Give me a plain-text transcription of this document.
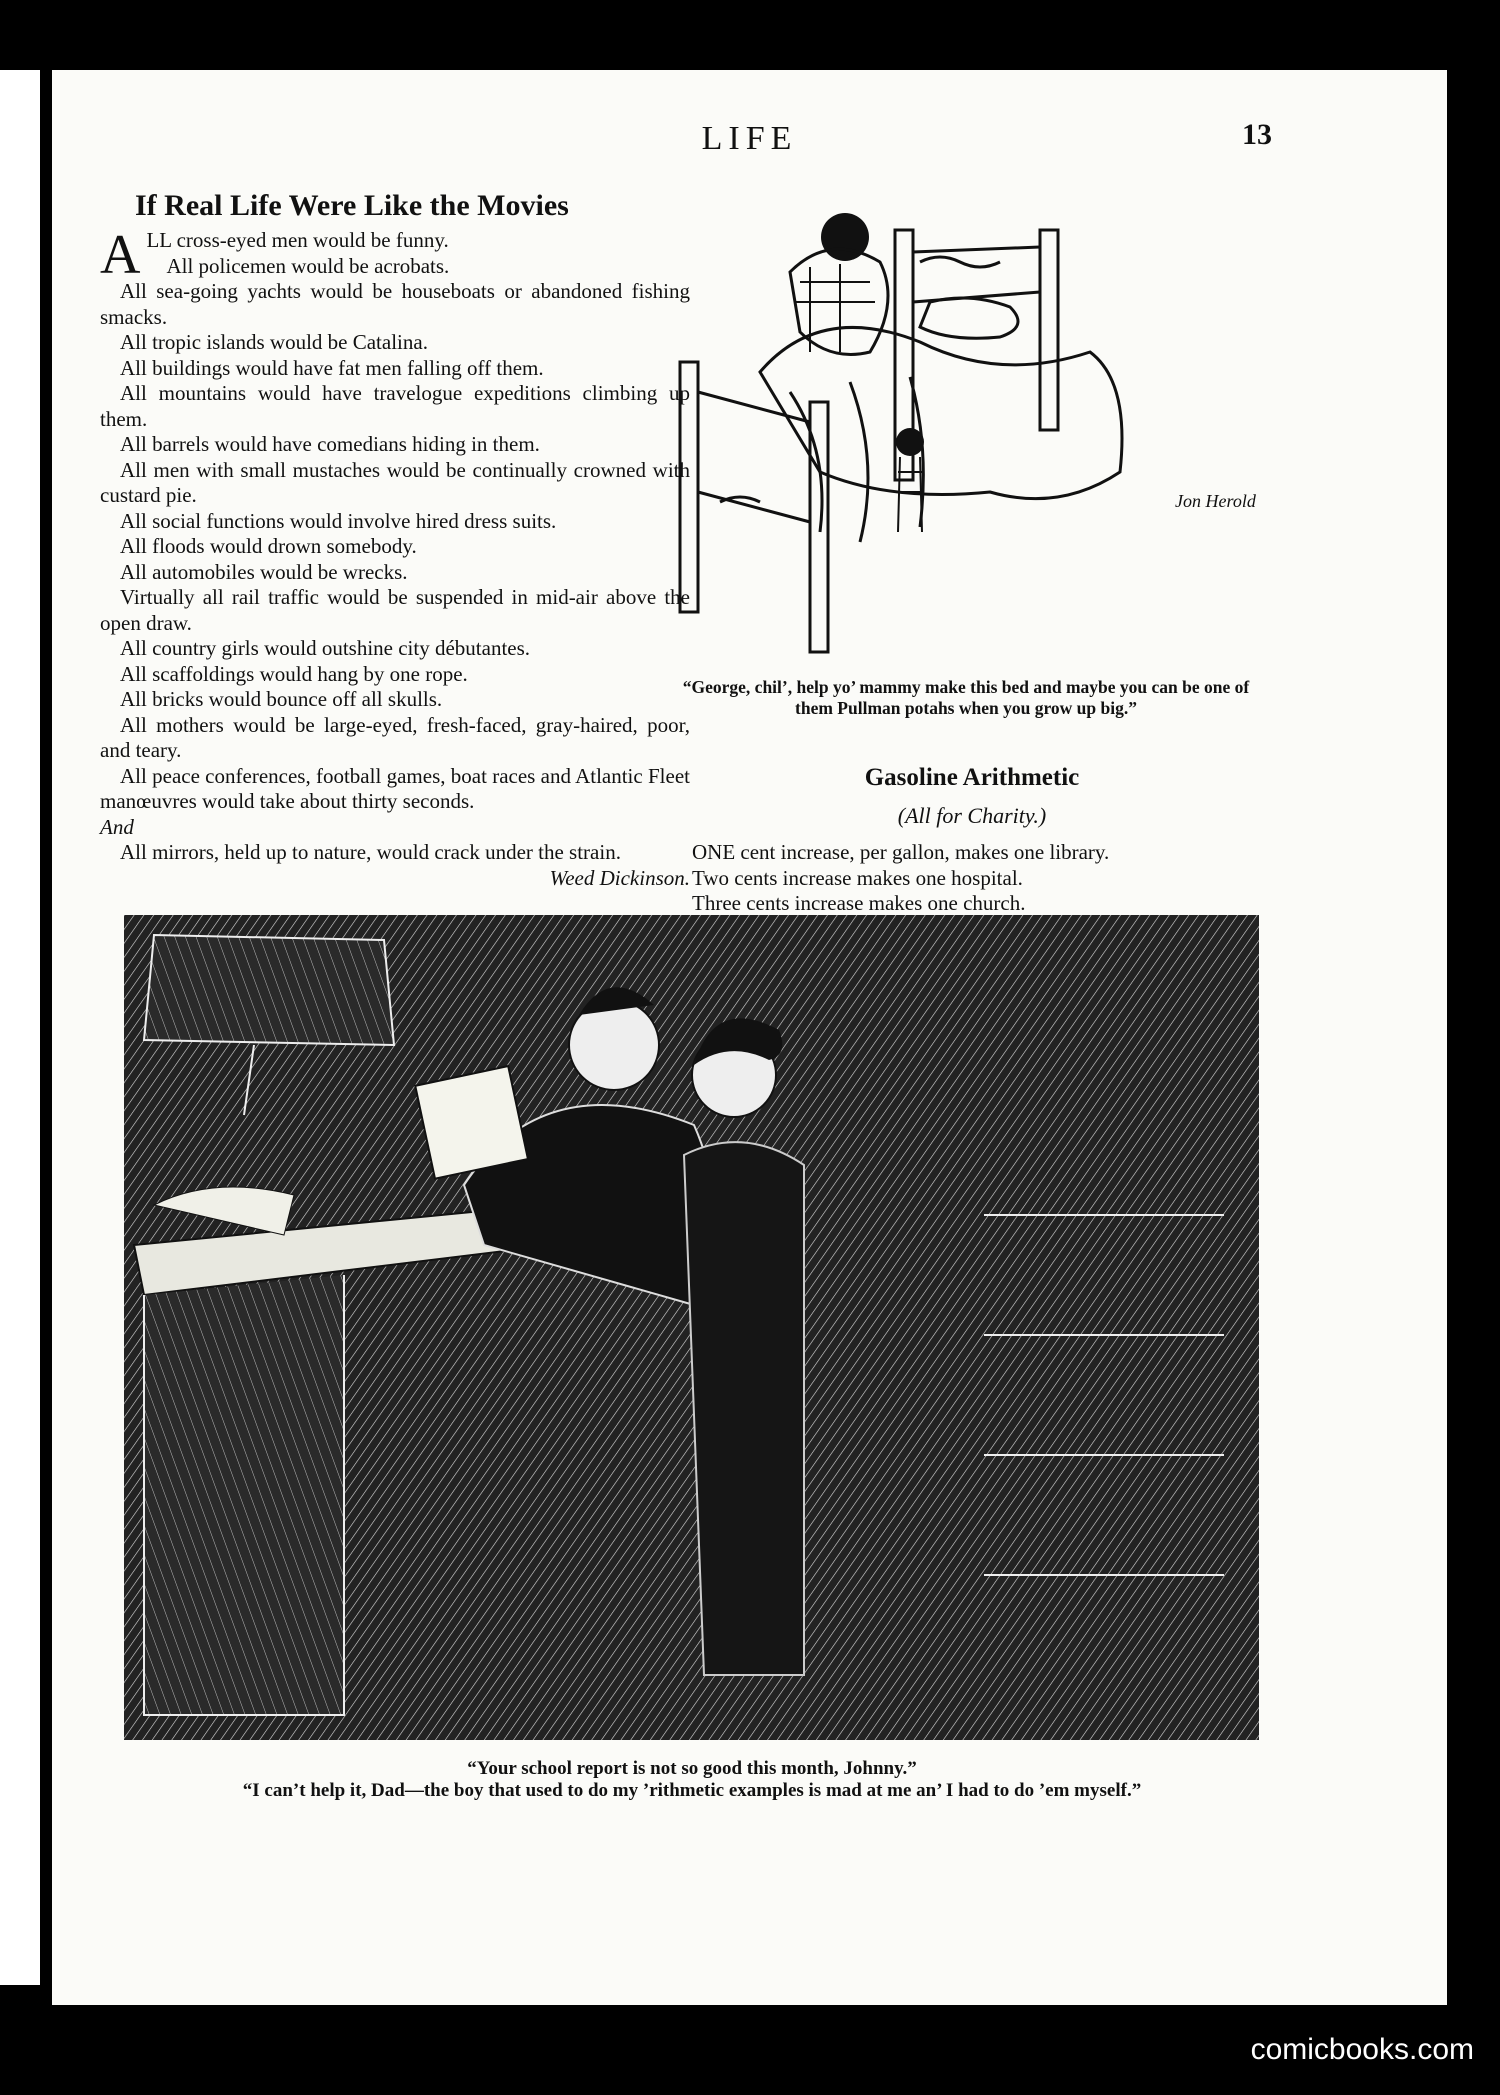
LIFE	13
If Real Life Were Like the Movies

ALL cross-eyed men would be funny.

All policemen would be acrobats.

All sea-going yachts would be houseboats or abandoned fishing smacks.

All tropic islands would be Catalina.

All buildings would have fat men falling off them.

All mountains would have travelogue expeditions climbing up them.

All barrels would have comedians hiding in them.

All men with small mustaches would be continually crowned with custard pie.

All social functions would involve hired dress suits.

All floods would drown somebody.

All automobiles would be wrecks.

Virtually all rail traffic would be suspended in mid-air above the open draw.

All country girls would outshine city débutantes.

All scaffoldings would hang by one rope.

All bricks would bounce off all skulls.

All mothers would be large-eyed, fresh-faced, gray-haired, poor, and teary.

All peace conferences, football games, boat races and Atlantic Fleet manœuvres would take about thirty seconds.

And

All mirrors, held up to nature, would crack under the strain.
Weed Dickinson.

Jon Herold
“George, chil’, help yo’ mammy make this bed and maybe you can be one of them Pullman potahs when you grow up big.”
Gasoline Arithmetic
(All for Charity.)
ONE cent increase, per gallon, makes one library.
Two cents increase makes one hospital.
Three cents increase makes one church.
“Your school report is not so good this month, Johnny.”
“I can’t help it, Dad—the boy that used to do my ’rithmetic examples is mad at me an’ I had to do ’em myself.”
comicbooks.com
